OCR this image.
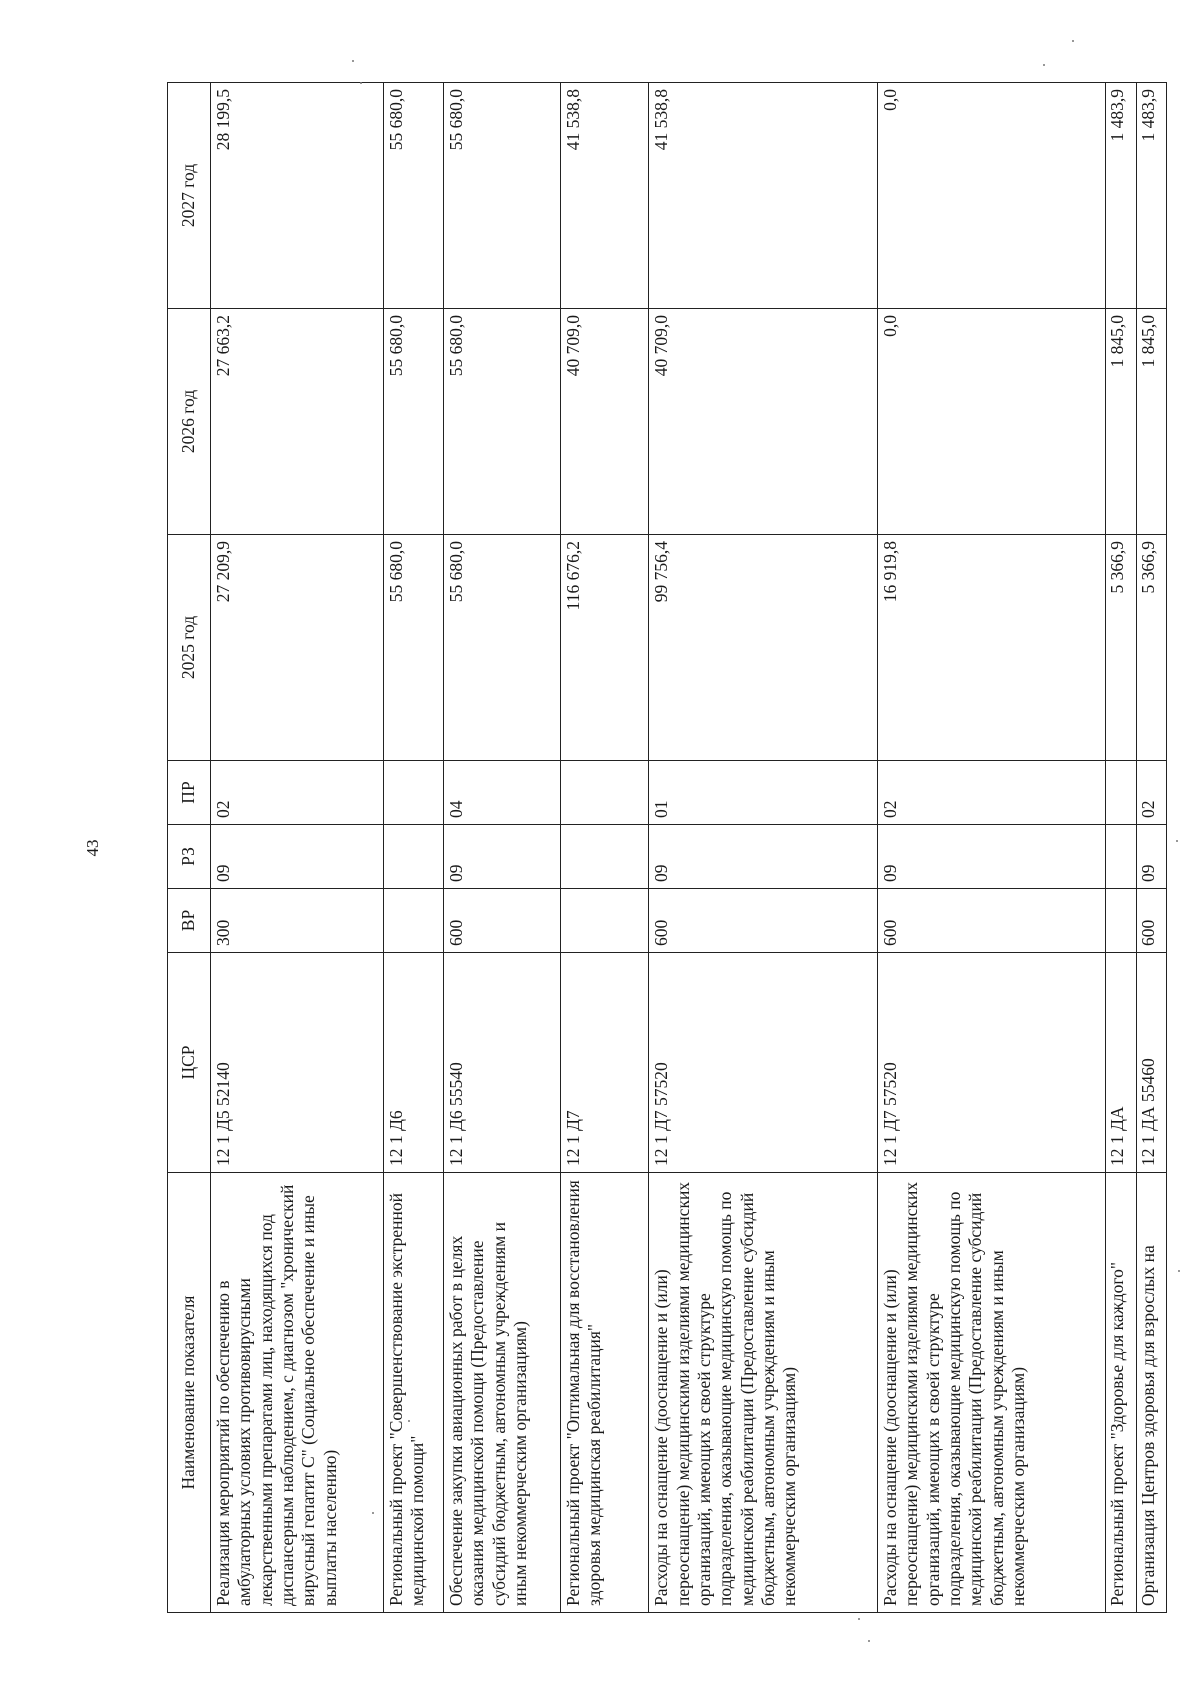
43
Наименование показателя	ЦСР	ВР	РЗ	ПР	2025 год	2026 год	2027 год
Реализация мероприятий по обеспечению в амбулаторных условиях противовирусными лекарственными препаратами лиц, находящихся под диспансерным наблюдением, с диагнозом "хронический вирусный гепатит С" (Социальное обеспечение и иные выплаты населению)	12 1 Д5 52140	300	09	02	27 209,9	27 663,2	28 199,5
Региональный проект "Совершенствование экстренной медицинской помощи"	12 1 Д6				55 680,0	55 680,0	55 680,0
Обеспечение закупки авиационных работ в целях оказания медицинской помощи (Предоставление субсидий бюджетным, автономным учреждениям и иным некоммерческим организациям)	12 1 Д6 55540	600	09	04	55 680,0	55 680,0	55 680,0
Региональный проект "Оптимальная для восстановления здоровья медицинская реабилитация"	12 1 Д7				116 676,2	40 709,0	41 538,8
Расходы на оснащение (дооснащение и (или) переоснащение) медицинскими изделиями медицинских организаций, имеющих в своей структуре подразделения, оказывающие медицинскую помощь по медицинской реабилитации (Предоставление субсидий бюджетным, автономным учреждениям и иным некоммерческим организациям)	12 1 Д7 57520	600	09	01	99 756,4	40 709,0	41 538,8
Расходы на оснащение (дооснащение и (или) переоснащение) медицинскими изделиями медицинских организаций, имеющих в своей структуре подразделения, оказывающие медицинскую помощь по медицинской реабилитации (Предоставление субсидий бюджетным, автономным учреждениям и иным некоммерческим организациям)	12 1 Д7 57520	600	09	02	16 919,8	0,0	0,0
Региональный проект "Здоровье для каждого"	12 1 ДА				5 366,9	1 845,0	1 483,9
Организация Центров здоровья для взрослых на	12 1 ДА 55460	600	09	02	5 366,9	1 845,0	1 483,9
